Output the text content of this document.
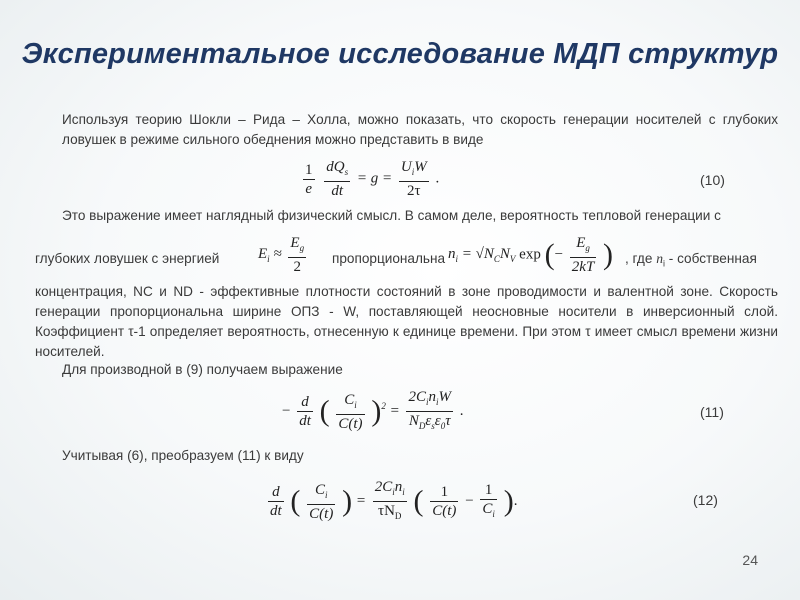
Экспериментальное исследование МДП структур
Используя теорию Шокли – Рида – Холла, можно показать, что скорость генерации носителей с глубоких ловушек в режиме сильного обеднения можно представить в виде
$\frac{1}{e}$
$\frac{dQ_s}{dt} = g = \frac{U_iW}{2\tau}$ .	(10)
Это выражение имеет наглядный физический смысл. В самом деле, вероятность тепловой генерации с
глубоких ловушек с энергией	$E_i \approx \frac{E_g}{2}$ пропорциональна $n_i = √N_CN_V$ exp (− $\frac{E_g}{2kT}$ ) , где $n_i$ - собственная
концентрация, NC и ND - эффективные плотности состояний в зоне проводимости и валентной зоне. Скорость генерации пропорциональна ширине ОПЗ - W, поставляющей неосновные носители в инверсионный слой. Коэффициент τ-1 определяет вероятность, отнесенную к единице времени. При этом τ имеет смысл времени жизни носителей.
Для производной в (9) получаем выражение
− $\frac{d}{dt}$ ( $\frac{C_i}{C(t)} )^2 = \frac{2C_in_iW}{N_D\varepsilon_s\varepsilon_0\tau}$ .	(11)
Учитывая (6), преобразуем (11) к виду
$\frac{d}{dt}$ ( $\frac{C_i}{C(t)}$ ) = $\frac{2C_in_i}{\tau N_D}$ ( $\frac{1}{C(t)} - \frac{1}{C_i}$ ).	(12)
24
